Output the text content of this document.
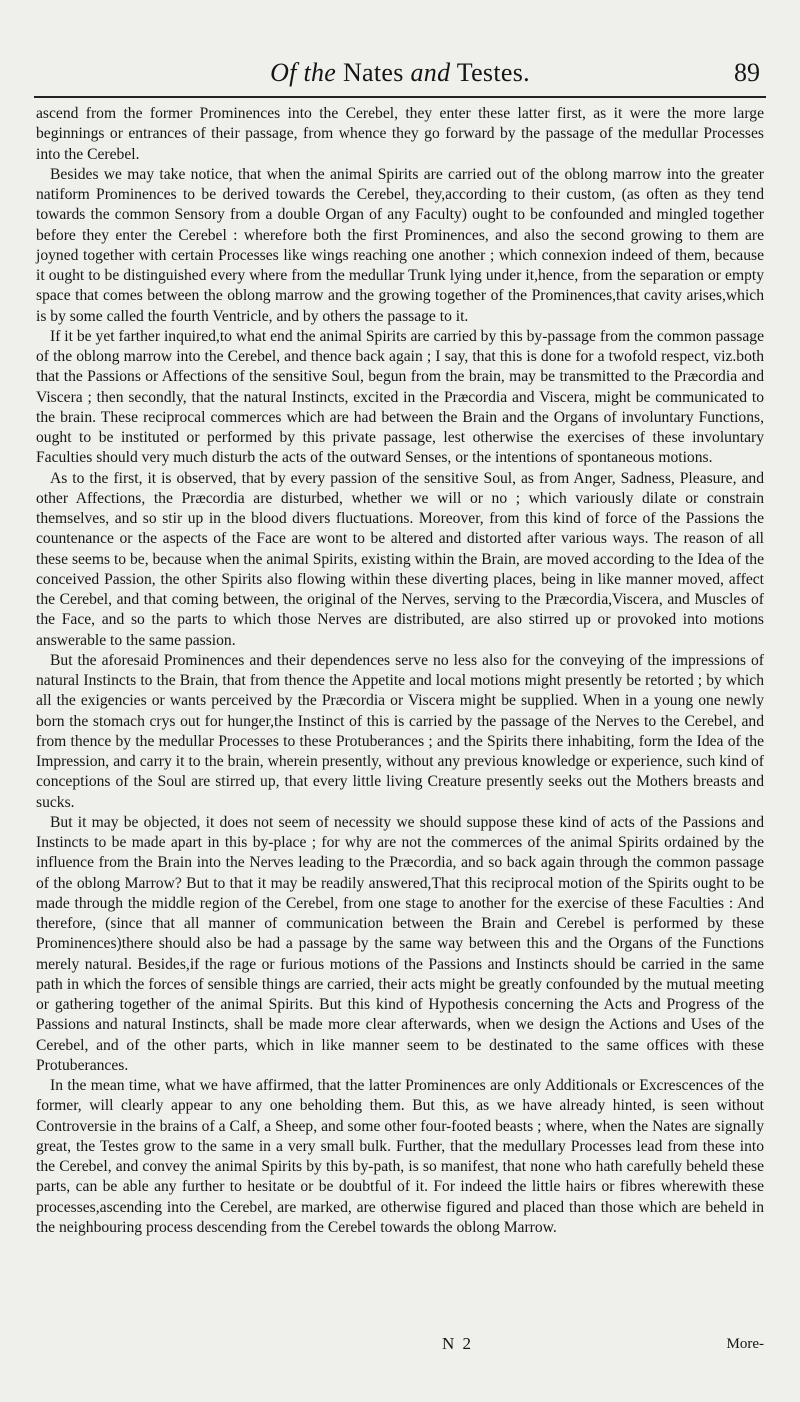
Of the Nates and Testes.	89

ascend from the former Prominences into the Cerebel, they enter these latter first, as it were the more large beginnings or entrances of their passage, from whence they go forward by the passage of the medullar Processes into the Cerebel.

Besides we may take notice, that when the animal Spirits are carried out of the oblong marrow into the greater natiform Prominences to be derived towards the Cerebel, they,according to their custom, (as often as they tend towards the common Sensory from a double Organ of any Faculty) ought to be confounded and mingled together before they enter the Cerebel : wherefore both the first Prominences, and also the second growing to them are joyned together with certain Processes like wings reaching one another ; which connexion indeed of them, because it ought to be distinguished every where from the medullar Trunk lying under it,hence, from the separation or empty space that comes between the oblong marrow and the growing together of the Prominences,that cavity arises,which is by some called the fourth Ventricle, and by others the passage to it.

If it be yet farther inquired,to what end the animal Spirits are carried by this by-passage from the common passage of the oblong marrow into the Cerebel, and thence back again ; I say, that this is done for a twofold respect, viz.both that the Passions or Affections of the sensitive Soul, begun from the brain, may be transmitted to the Præcordia and Viscera ; then secondly, that the natural Instincts, excited in the Præcordia and Viscera, might be communicated to the brain. These reciprocal commerces which are had between the Brain and the Organs of involuntary Functions, ought to be instituted or performed by this private passage, lest otherwise the exercises of these involuntary Faculties should very much disturb the acts of the outward Senses, or the intentions of spontaneous motions.

As to the first, it is observed, that by every passion of the sensitive Soul, as from Anger, Sadness, Pleasure, and other Affections, the Præcordia are disturbed, whether we will or no ; which variously dilate or constrain themselves, and so stir up in the blood divers fluctuations. Moreover, from this kind of force of the Passions the countenance or the aspects of the Face are wont to be altered and distorted after various ways. The reason of all these seems to be, because when the animal Spirits, existing within the Brain, are moved according to the Idea of the conceived Passion, the other Spirits also flowing within these diverting places, being in like manner moved, affect the Cerebel, and that coming between, the original of the Nerves, serving to the Præcordia,Viscera, and Muscles of the Face, and so the parts to which those Nerves are distributed, are also stirred up or provoked into motions answerable to the same passion.

But the aforesaid Prominences and their dependences serve no less also for the conveying of the impressions of natural Instincts to the Brain, that from thence the Appetite and local motions might presently be retorted ; by which all the exigencies or wants perceived by the Præcordia or Viscera might be supplied. When in a young one newly born the stomach crys out for hunger,the Instinct of this is carried by the passage of the Nerves to the Cerebel, and from thence by the medullar Processes to these Protuberances ; and the Spirits there inhabiting, form the Idea of the Impression, and carry it to the brain, wherein presently, without any previous knowledge or experience, such kind of conceptions of the Soul are stirred up, that every little living Creature presently seeks out the Mothers breasts and sucks.

But it may be objected, it does not seem of necessity we should suppose these kind of acts of the Passions and Instincts to be made apart in this by-place ; for why are not the commerces of the animal Spirits ordained by the influence from the Brain into the Nerves leading to the Præcordia, and so back again through the common passage of the oblong Marrow? But to that it may be readily answered,That this reciprocal motion of the Spirits ought to be made through the middle region of the Cerebel, from one stage to another for the exercise of these Faculties : And therefore, (since that all manner of communication between the Brain and Cerebel is performed by these Prominences)there should also be had a passage by the same way between this and the Organs of the Functions merely natural. Besides,if the rage or furious motions of the Passions and Instincts should be carried in the same path in which the forces of sensible things are carried, their acts might be greatly confounded by the mutual meeting or gathering together of the animal Spirits. But this kind of Hypothesis concerning the Acts and Progress of the Passions and natural Instincts, shall be made more clear afterwards, when we design the Actions and Uses of the Cerebel, and of the other parts, which in like manner seem to be destinated to the same offices with these Protuberances.

In the mean time, what we have affirmed, that the latter Prominences are only Additionals or Excrescences of the former, will clearly appear to any one beholding them. But this, as we have already hinted, is seen without Controversie in the brains of a Calf, a Sheep, and some other four-footed beasts ; where, when the Nates are signally great, the Testes grow to the same in a very small bulk. Further, that the medullary Processes lead from these into the Cerebel, and convey the animal Spirits by this by-path, is so manifest, that none who hath carefully beheld these parts, can be able any further to hesitate or be doubtful of it. For indeed the little hairs or fibres wherewith these processes,ascending into the Cerebel, are marked, are otherwise figured and placed than those which are beheld in the neighbouring process descending from the Cerebel towards the oblong Marrow.

N 2	More-
